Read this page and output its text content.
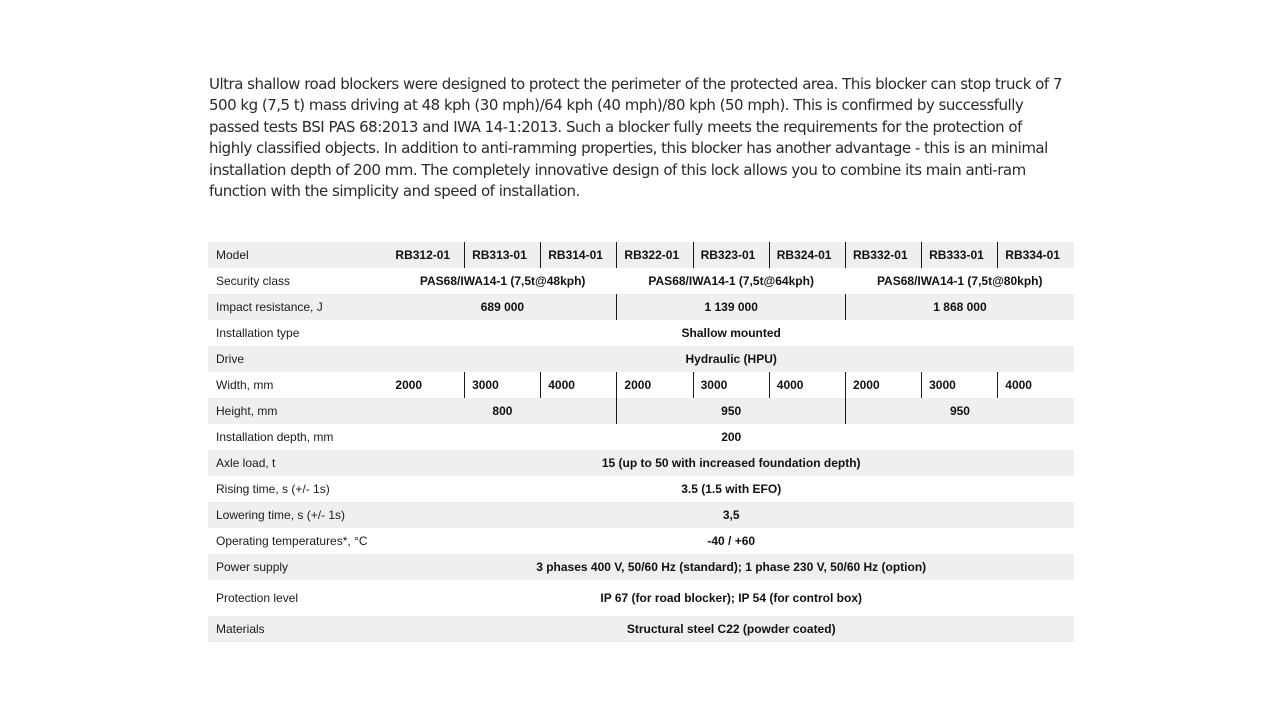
Ultra shallow road blockers were designed to protect the perimeter of the protected area. This blocker can stop truck of 7 500 kg (7,5 t) mass driving at 48 kph (30 mph)/64 kph (40 mph)/80 kph (50 mph). This is confirmed by successfully passed tests BSI PAS 68:2013 and IWA 14-1:2013. Such a blocker fully meets the requirements for the protection of highly classified objects. In addition to anti-ramming properties, this blocker has another advantage - this is an minimal installation depth of 200 mm. The completely innovative design of this lock allows you to combine its main anti-ram function with the simplicity and speed of installation.

Model	RB312-01	RB313-01	RB314-01	RB322-01	RB323-01	RB324-01	RB332-01	RB333-01	RB334-01
Security class	PAS68/IWA14-1 (7,5t@48kph)			PAS68/IWA14-1 (7,5t@64kph)			PAS68/IWA14-1 (7,5t@80kph)		
Impact resistance, J	689 000			1 139 000			1 868 000		
Installation type	Shallow mounted								
Drive	Hydraulic (HPU)								
Width, mm	2000	3000	4000	2000	3000	4000	2000	3000	4000
Height, mm	800			950			950		
Installation depth, mm	200								
Axle load, t	15 (up to 50 with increased foundation depth)								
Rising time, s (+/- 1s)	3.5 (1.5 with EFO)								
Lowering time, s (+/- 1s)	3,5								
Operating temperatures*, °C	-40 / +60								
Power supply	3 phases 400 V, 50/60 Hz (standard); 1 phase 230 V, 50/60 Hz (option)								
Protection level	IP 67 (for road blocker); IP 54 (for control box)								
Materials	Structural steel C22 (powder coated)								
